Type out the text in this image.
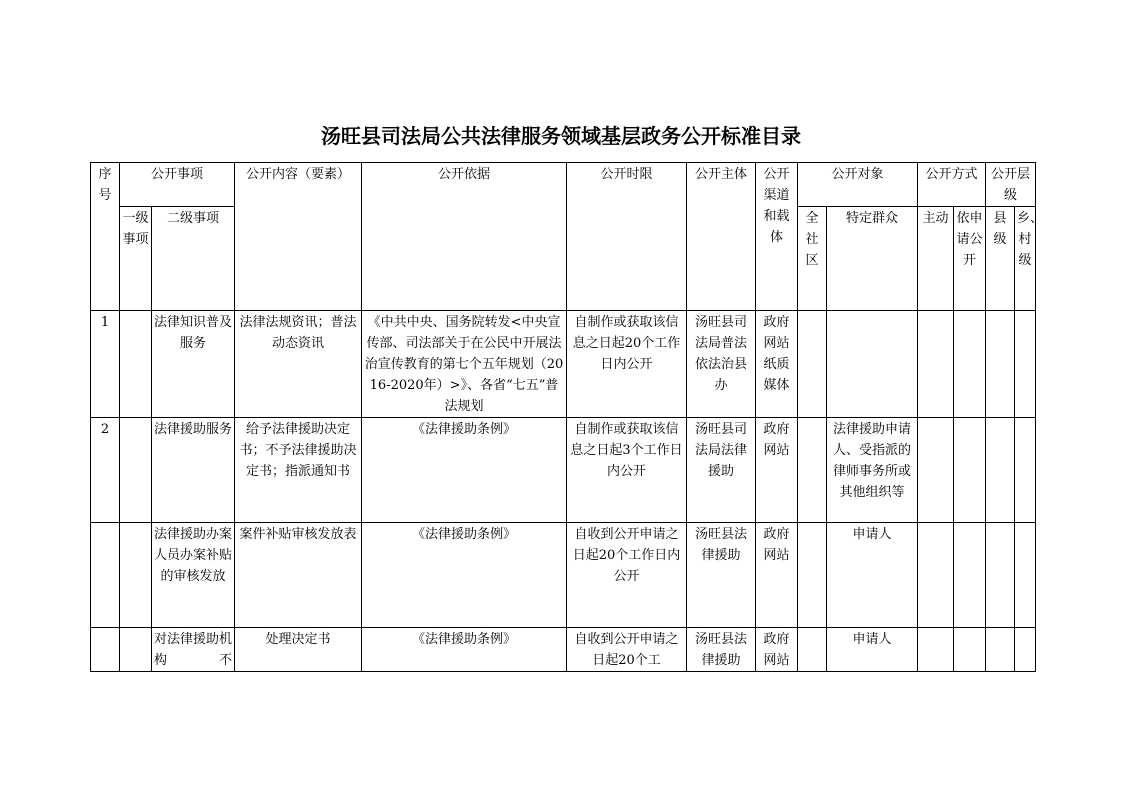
汤旺县司法局公共法律服务领域基层政务公开标准目录
序号	公开事项		公开内容（要素）	公开依据	公开时限	公开主体	公开渠道和载体	公开对象		公开方式		公开层级	
	一级事项	二级事项						全社区	特定群众	主动	依申请公开	县级	乡、村级
1		法律知识普及服务	法律法规资讯；普法动态资讯	《中共中央、国务院转发<中央宣传部、司法部关于在公民中开展法治宣传教育的第七个五年规划（2016-2020年）>》、各省“七五”普法规划	自制作或获取该信息之日起20个工作日内公开	汤旺县司法局普法依法治县办	政府网站纸质媒体						
2		法律援助服务	给予法律援助决定书；不予法律援助决定书；指派通知书	《法律援助条例》	自制作或获取该信息之日起3个工作日内公开	汤旺县司法局法律援助	政府网站		法律援助申请人、受指派的律师事务所或其他组织等				
		法律援助办案人员办案补贴的审核发放	案件补贴审核发放表	《法律援助条例》	自收到公开申请之日起20个工作日内公开	汤旺县法律援助	政府网站		申请人				
		对法律援助机构不	处理决定书	《法律援助条例》	自收到公开申请之日起20个工	汤旺县法律援助	政府网站		申请人				
